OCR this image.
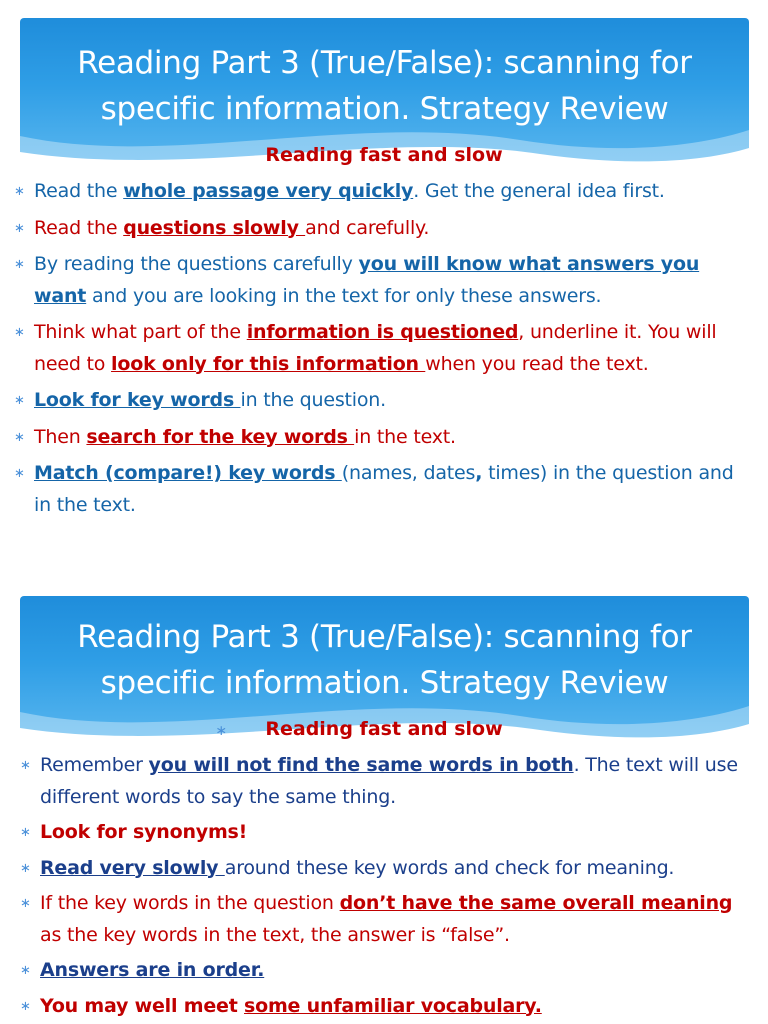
Reading Part 3 (True/False): scanning for specific information. Strategy Review
Reading fast and slow
∗ Read the whole passage very quickly. Get the general idea first.
∗ Read the questions slowly and carefully.
∗ By reading the questions carefully you will know what answers you want and you are looking in the text for only these answers.
∗ Think what part of the information is questioned, underline it. You will need to look only for this information when you read the text.
∗ Look for key words in the question.
∗ Then search for the key words in the text.
∗ Match (compare!) key words (names, dates, times) in the question and in the text.
Reading Part 3 (True/False): scanning for specific information. Strategy Review
∗ Reading fast and slow
∗ Remember you will not find the same words in both. The text will use different words to say the same thing.
∗ Look for synonyms!
∗ Read very slowly around these key words and check for meaning.
∗ If the key words in the question don’t have the same overall meaning as the key words in the text, the answer is “false”.
∗ Answers are in order.
∗ You may well meet some unfamiliar vocabulary.
